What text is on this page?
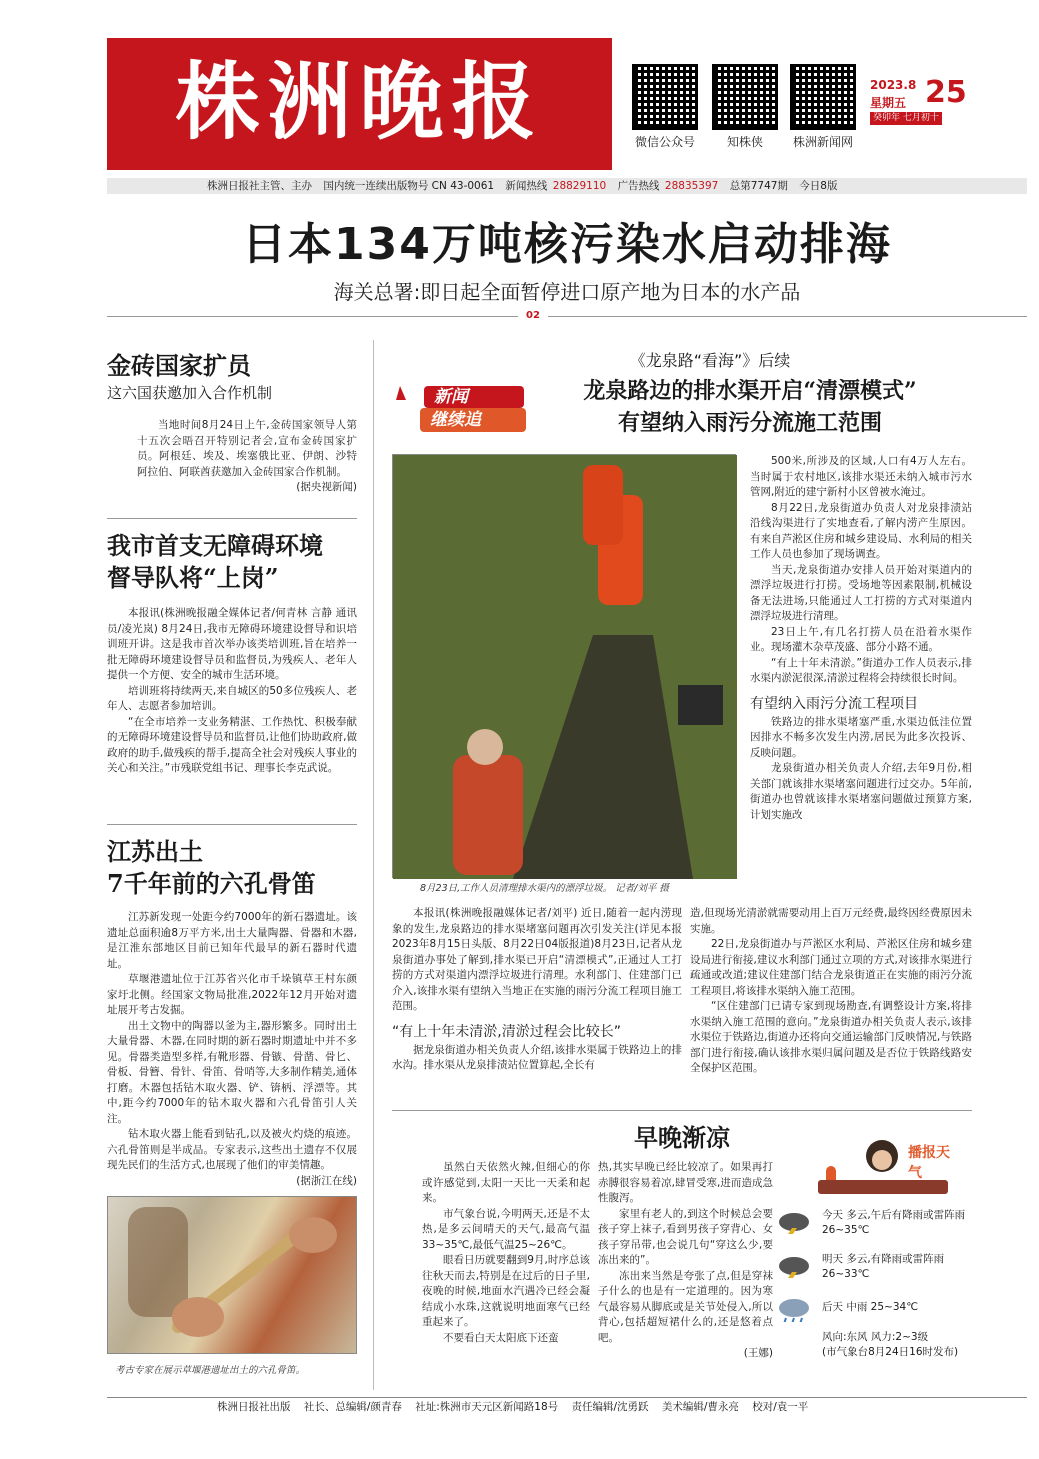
株洲晚报	微信公众号	知株侠	株洲新闻网
2023.8
星期五 25
癸卯年 七月初十
株洲日报社主管、主办 国内统一连续出版物号 CN 43-0061 新闻热线 28829110 广告热线 28835397 总第7747期 今日8版
日本134万吨核污染水启动排海
海关总署:即日起全面暂停进口原产地为日本的水产品
02
金砖国家扩员
这六国获邀加入合作机制

当地时间8月24日上午,金砖国家领导人第十五次会晤召开特别记者会,宣布金砖国家扩员。阿根廷、埃及、埃塞俄比亚、伊朗、沙特阿拉伯、阿联酋获邀加入金砖国家合作机制。

(据央视新闻)
我市首支无障碍环境
督导队将“上岗”

本报讯(株洲晚报融全媒体记者/何青林 言静 通讯员/凌光岚) 8月24日,我市无障碍环境建设督导和识培训班开讲。这是我市首次举办该类培训班,旨在培养一批无障碍环境建设督导员和监督员,为残疾人、老年人提供一个方便、安全的城市生活环境。

培训班将持续两天,来自城区的50多位残疾人、老年人、志愿者参加培训。

“在全市培养一支业务精湛、工作热忱、积极奉献的无障碍环境建设督导员和监督员,让他们协助政府,做政府的助手,做残疾的帮手,提高全社会对残疾人事业的关心和关注。”市残联党组书记、理事长李克武说。

江苏出土
7千年前的六孔骨笛

江苏新发现一处距今约7000年的新石器遗址。该遗址总面积逾8万平方米,出土大量陶器、骨器和木器,是江淮东部地区目前已知年代最早的新石器时代遗址。

草堰港遗址位于江苏省兴化市千垛镇草王村东颜家圩北侧。经国家文物局批准,2022年12月开始对遗址展开考古发掘。

出土文物中的陶器以釜为主,器形繁多。同时出土大量骨器、木器,在同时期的新石器时期遗址中并不多见。骨器类造型多样,有靴形器、骨镞、骨凿、骨匕、骨板、骨簪、骨针、骨笛、骨哨等,大多制作精美,通体打磨。木器包括钻木取火器、铲、锛柄、浮漂等。其中,距今约7000年的钻木取火器和六孔骨笛引人关注。

钻木取火器上能看到钻孔,以及被火灼烧的痕迹。六孔骨笛则是半成品。专家表示,这些出土遗存不仅展现先民们的生活方式,也展现了他们的审美情趣。

(据浙江在线)
考古专家在展示草堰港遗址出土的六孔骨笛。
《龙泉路“看海”》后续
新闻
继续追
龙泉路边的排水渠开启“清漂模式”
有望纳入雨污分流施工范围
8月23日,工作人员清理排水渠内的漂浮垃圾。 记者/刘平 摄

本报讯(株洲晚报融媒体记者/刘平) 近日,随着一起内涝现象的发生,龙泉路边的排水渠堵塞问题再次引发关注(详见本报2023年8月15日头版、8月22日04版报道)8月23日,记者从龙泉街道办事处了解到,排水渠已开启“清漂模式”,正通过人工打捞的方式对渠道内漂浮垃圾进行清理。水利部门、住建部门已介入,该排水渠有望纳入当地正在实施的雨污分流工程项目施工范围。

“有上十年未清淤,清淤过程会比较长”

据龙泉街道办相关负责人介绍,该排水渠属于铁路边上的排水沟。排水渠从龙泉排渍站位置算起,全长有

500米,所涉及的区域,人口有4万人左右。当时属于农村地区,该排水渠还未纳入城市污水管网,附近的建宁新村小区曾被水淹过。

8月22日,龙泉街道办负责人对龙泉排渍站沿线沟渠进行了实地查看,了解内涝产生原因。有来自芦淞区住房和城乡建设局、水利局的相关工作人员也参加了现场调查。

当天,龙泉街道办安排人员开始对渠道内的漂浮垃圾进行打捞。受场地等因素限制,机械设备无法进场,只能通过人工打捞的方式对渠道内漂浮垃圾进行清理。

23日上午,有几名打捞人员在沿着水渠作业。现场灌木杂草茂盛、部分小路不通。

“有上十年未清淤。”街道办工作人员表示,排水渠内淤泥很深,清淤过程将会持续很长时间。

有望纳入雨污分流工程项目

铁路边的排水渠堵塞严重,水渠边低洼位置因排水不畅多次发生内涝,居民为此多次投诉、反映问题。

龙泉街道办相关负责人介绍,去年9月份,相关部门就该排水渠堵塞问题进行过交办。5年前,街道办也曾就该排水渠堵塞问题做过预算方案,计划实施改

造,但现场光清淤就需要动用上百万元经费,最终因经费原因未实施。

22日,龙泉街道办与芦淞区水利局、芦淞区住房和城乡建设局进行衔接,建议水利部门通过立项的方式,对该排水渠进行疏通或改道;建议住建部门结合龙泉街道正在实施的雨污分流工程项目,将该排水渠纳入施工范围。

“区住建部门已请专家到现场勘查,有调整设计方案,将排水渠纳入施工范围的意向。”龙泉街道办相关负责人表示,该排水渠位于铁路边,街道办还将向交通运输部门反映情况,与铁路部门进行衔接,确认该排水渠归属问题及是否位于铁路线路安全保护区范围。

早晚渐凉

虽然白天依然火辣,但细心的你或许感觉到,太阳一天比一天柔和起来。

市气象台说,今明两天,还是不太热,是多云间晴天的天气,最高气温33~35℃,最低气温25~26℃。

眼看日历就要翻到9月,时序总该往秋天而去,特别是在过后的日子里,夜晚的时候,地面水汽遇冷已经会凝结成小水珠,这就说明地面寒气已经重起来了。

不要看白天太阳底下还蛮

热,其实早晚已经比较凉了。如果再打赤膊很容易着凉,肆冒受寒,进而造成急性腹泻。

家里有老人的,到这个时候总会要孩子穿上袜子,看到男孩子穿背心、女孩子穿吊带,也会说几句“穿这么少,要冻出来的”。

冻出来当然是夸张了点,但是穿袜子什么的也是有一定道理的。因为寒气最容易从脚底或是关节处侵入,所以背心,包括超短裙什么的,还是悠着点吧。

(王娜)
播报天气
今天 多云,午后有降雨或雷阵雨 26~35℃
明天 多云,有降雨或雷阵雨 26~33℃
后天 中雨 25~34℃
风向:东风 风力:2~3级
(市气象台8月24日16时发布)
株洲日报社出版 社长、总编辑/颜青春 社址:株洲市天元区新闻路18号 责任编辑/沈勇跃 美术编辑/曹永亮 校对/袁一平
